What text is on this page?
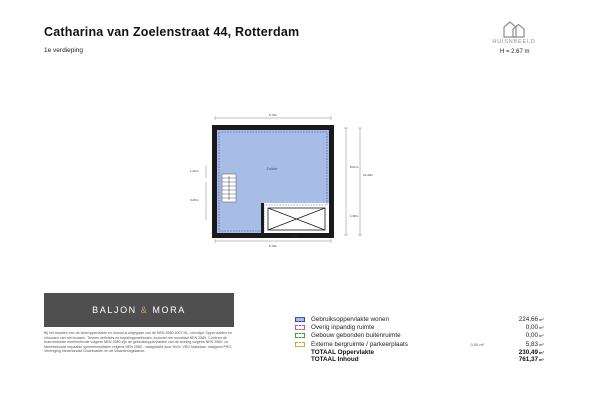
Catharina van Zoelenstraat 44, Rotterdam
1e verdieping
HUISNBEELD
H = 2.67 m
Zolder
5.73m
6.70m
3.77m
8.01m
1.38m
10.40m
1.22m
3.26m
BALJON & MORA
Bij het bepalen van de vloeroppervlakte en inhoud is uitgegaan van de NEN 2580:2007 NL, vervolgd. Oppervlakten en inhouden van het bouwen. Termen definities en bepalingsmethoden, inclusief het normblad NEN 2580. Conform de branchebrede meetinstructie volgens NEN 2580 zijn de gebruiksoppervlakten van de woning volgens NEN 2580, zo. Meetinstructie bepaalde opmeetresultaten volgens NEN 2580 - vastgesteld door NVM, VBO Makelaar, Vastgoed PRO, Vereniging Nederlandse Downloaden en de Waarderingskamer.
Gebruiksoppervlakte wonen	224,66 m²
Overig inpandig ruimte	0,00 m²
Gebouw gebonden buitenruimte	0,00 m²
Externe bergruimte / parkeerplaats	0,00 m²	5,83 m²
TOTAAL Oppervlakte	230,49 m²
TOTAAL Inhoud	761,37 m³
